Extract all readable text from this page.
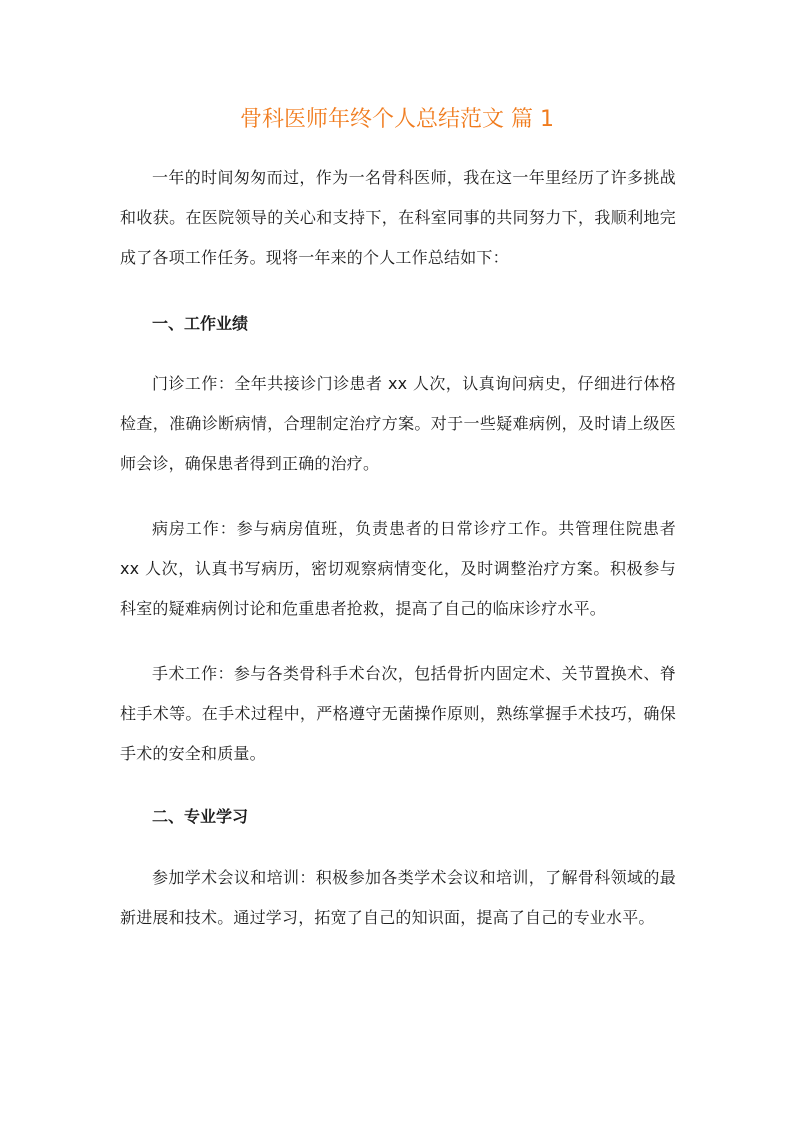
骨科医师年终个人总结范文 篇 1

一年的时间匆匆而过，作为一名骨科医师，我在这一年里经历了许多挑战和收获。在医院领导的关心和支持下，在科室同事的共同努力下，我顺利地完成了各项工作任务。现将一年来的个人工作总结如下：

一、工作业绩

门诊工作：全年共接诊门诊患者 xx 人次，认真询问病史，仔细进行体格检查，准确诊断病情，合理制定治疗方案。对于一些疑难病例，及时请上级医师会诊，确保患者得到正确的治疗。

病房工作：参与病房值班，负责患者的日常诊疗工作。共管理住院患者 xx 人次，认真书写病历，密切观察病情变化，及时调整治疗方案。积极参与科室的疑难病例讨论和危重患者抢救，提高了自己的临床诊疗水平。

手术工作：参与各类骨科手术台次，包括骨折内固定术、关节置换术、脊柱手术等。在手术过程中，严格遵守无菌操作原则，熟练掌握手术技巧，确保手术的安全和质量。

二、专业学习

参加学术会议和培训：积极参加各类学术会议和培训，了解骨科领域的最新进展和技术。通过学习，拓宽了自己的知识面，提高了自己的专业水平。
